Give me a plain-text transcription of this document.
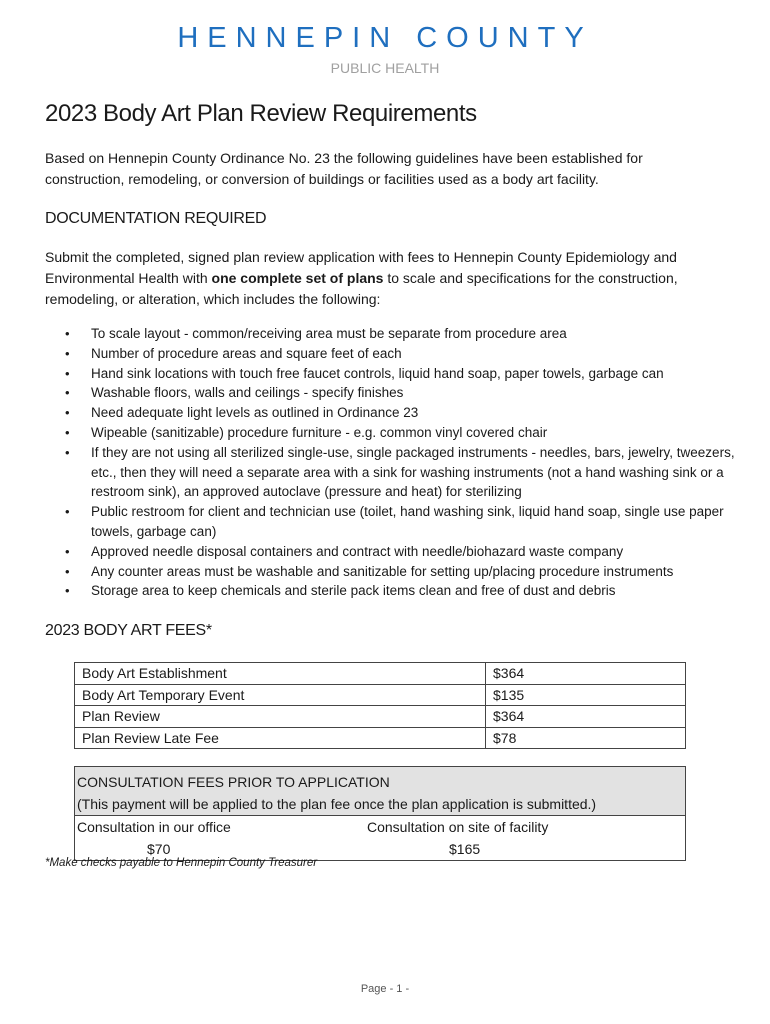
HENNEPIN COUNTY
PUBLIC HEALTH
2023 Body Art Plan Review Requirements
Based on Hennepin County Ordinance No. 23 the following guidelines have been established for construction, remodeling, or conversion of buildings or facilities used as a body art facility.
DOCUMENTATION REQUIRED
Submit the completed, signed plan review application with fees to Hennepin County Epidemiology and Environmental Health with one complete set of plans to scale and specifications for the construction, remodeling, or alteration, which includes the following:
• To scale layout - common/receiving area must be separate from procedure area
• Number of procedure areas and square feet of each
• Hand sink locations with touch free faucet controls, liquid hand soap, paper towels, garbage can
• Washable floors, walls and ceilings - specify finishes
• Need adequate light levels as outlined in Ordinance 23
• Wipeable (sanitizable) procedure furniture - e.g. common vinyl covered chair
• If they are not using all sterilized single-use, single packaged instruments - needles, bars, jewelry, tweezers, etc., then they will need a separate area with a sink for washing instruments (not a hand washing sink or a restroom sink), an approved autoclave (pressure and heat) for sterilizing
• Public restroom for client and technician use (toilet, hand washing sink, liquid hand soap, single use paper towels, garbage can)
• Approved needle disposal containers and contract with needle/biohazard waste company
• Any counter areas must be washable and sanitizable for setting up/placing procedure instruments
• Storage area to keep chemicals and sterile pack items clean and free of dust and debris
2023 BODY ART FEES*
Body Art Establishment	$364
Body Art Temporary Event	$135
Plan Review	$364
Plan Review Late Fee	$78
CONSULTATION FEES PRIOR TO APPLICATION
(This payment will be applied to the plan fee once the plan application is submitted.)
Consultation in our office	Consultation on site of facility
$70	$165
*Make checks payable to Hennepin County Treasurer
Page - 1 -
